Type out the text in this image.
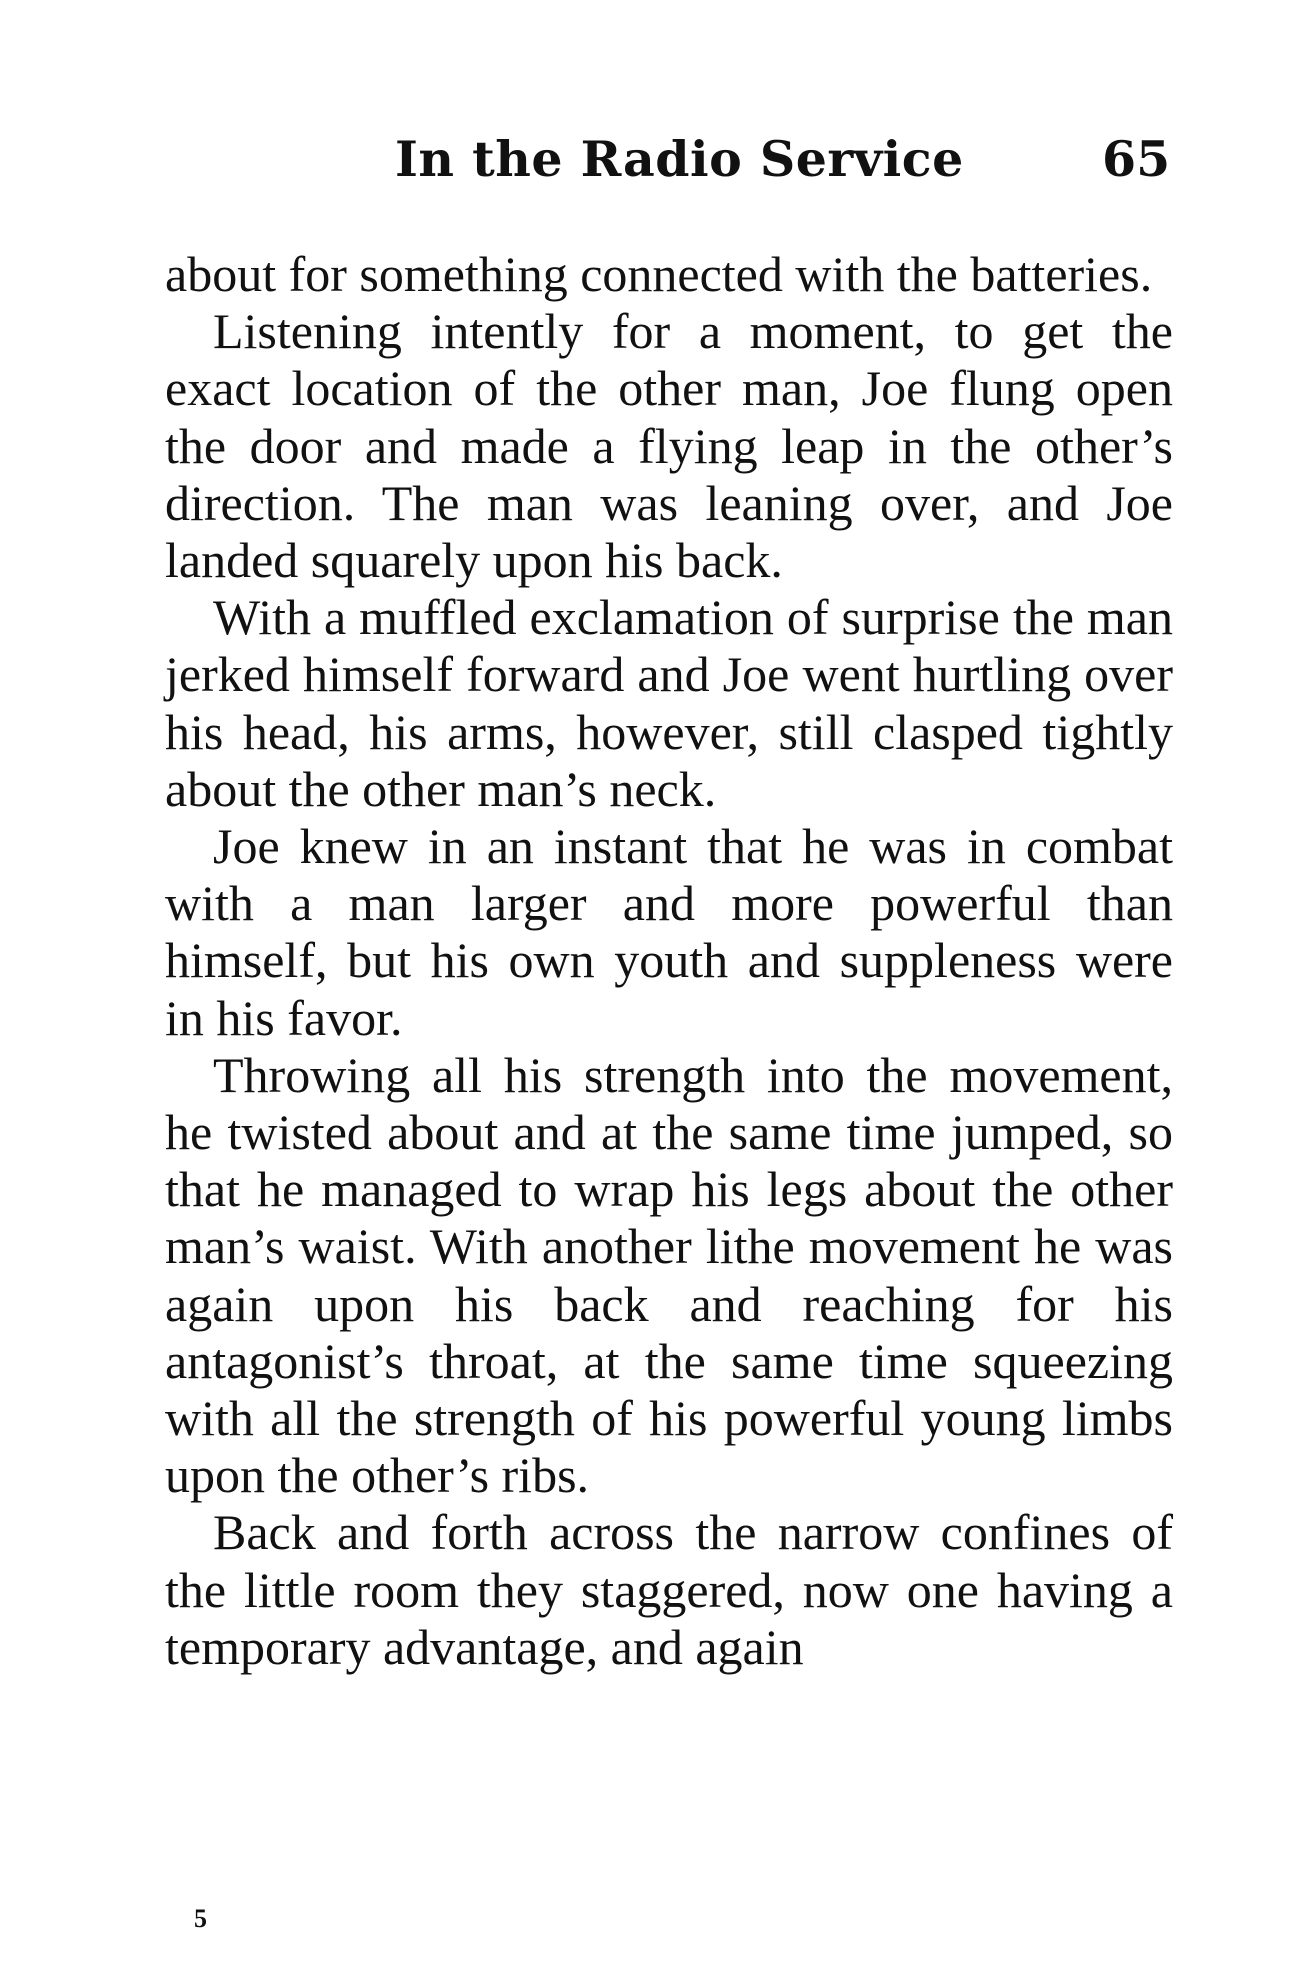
In the Radio Service	65

about for something connected with the batteries.

Listening intently for a moment, to get the exact location of the other man, Joe flung open the door and made a flying leap in the other’s direction. The man was leaning over, and Joe landed squarely upon his back.

With a muffled exclamation of surprise the man jerked himself forward and Joe went hurtling over his head, his arms, however, still clasped tightly about the other man’s neck.

Joe knew in an instant that he was in combat with a man larger and more powerful than himself, but his own youth and suppleness were in his favor.

Throwing all his strength into the movement, he twisted about and at the same time jumped, so that he managed to wrap his legs about the other man’s waist. With another lithe movement he was again upon his back and reaching for his antagonist’s throat, at the same time squeezing with all the strength of his powerful young limbs upon the other’s ribs.

Back and forth across the narrow confines of the little room they staggered, now one having a temporary advantage, and again

5
